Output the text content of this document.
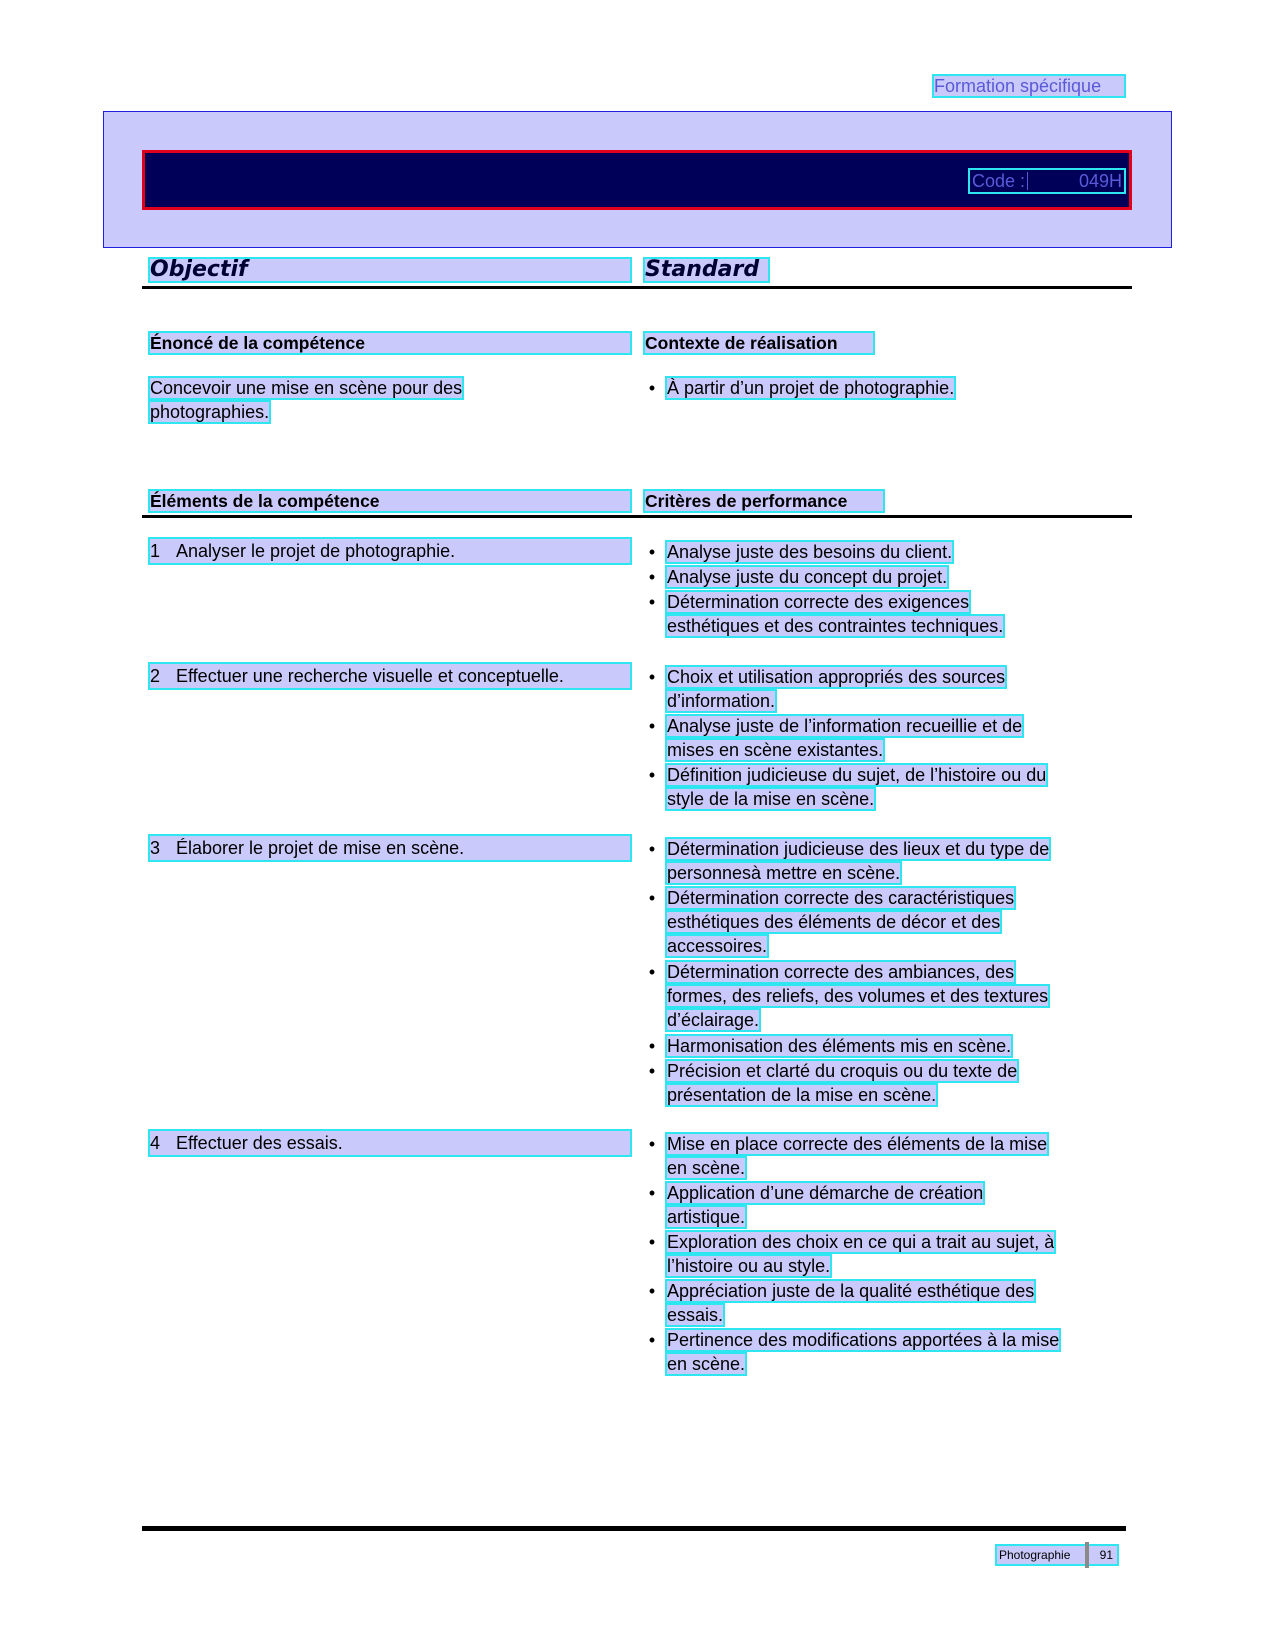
Formation spécifique
Code :	049H
Objectif	Standard
Énoncé de la compétence	Contexte de réalisation
Concevoir une mise en scène pour des
photographies.
• À partir d’un projet de photographie.
Éléments de la compétence	Critères de performance
1 Analyser le projet de photographie.	• Analyse juste des besoins du client.
• Analyse juste du concept du projet.
• Détermination correcte des exigences
esthétiques et des contraintes techniques.
2 Effectuer une recherche visuelle et conceptuelle.	• Choix et utilisation appropriés des sources
d’information.
• Analyse juste de l’information recueillie et de
mises en scène existantes.
• Définition judicieuse du sujet, de l’histoire ou du
style de la mise en scène.
3 Élaborer le projet de mise en scène.	• Détermination judicieuse des lieux et du type de
personnesà mettre en scène.
• Détermination correcte des caractéristiques
esthétiques des éléments de décor et des
accessoires.
• Détermination correcte des ambiances, des
formes, des reliefs, des volumes et des textures
d’éclairage.
• Harmonisation des éléments mis en scène.
• Précision et clarté du croquis ou du texte de
présentation de la mise en scène.
4 Effectuer des essais.	• Mise en place correcte des éléments de la mise
en scène.
• Application d’une démarche de création
artistique.
• Exploration des choix en ce qui a trait au sujet, à
l’histoire ou au style.
• Appréciation juste de la qualité esthétique des
essais.
• Pertinence des modifications apportées à la mise
en scène.
Photographie 91
